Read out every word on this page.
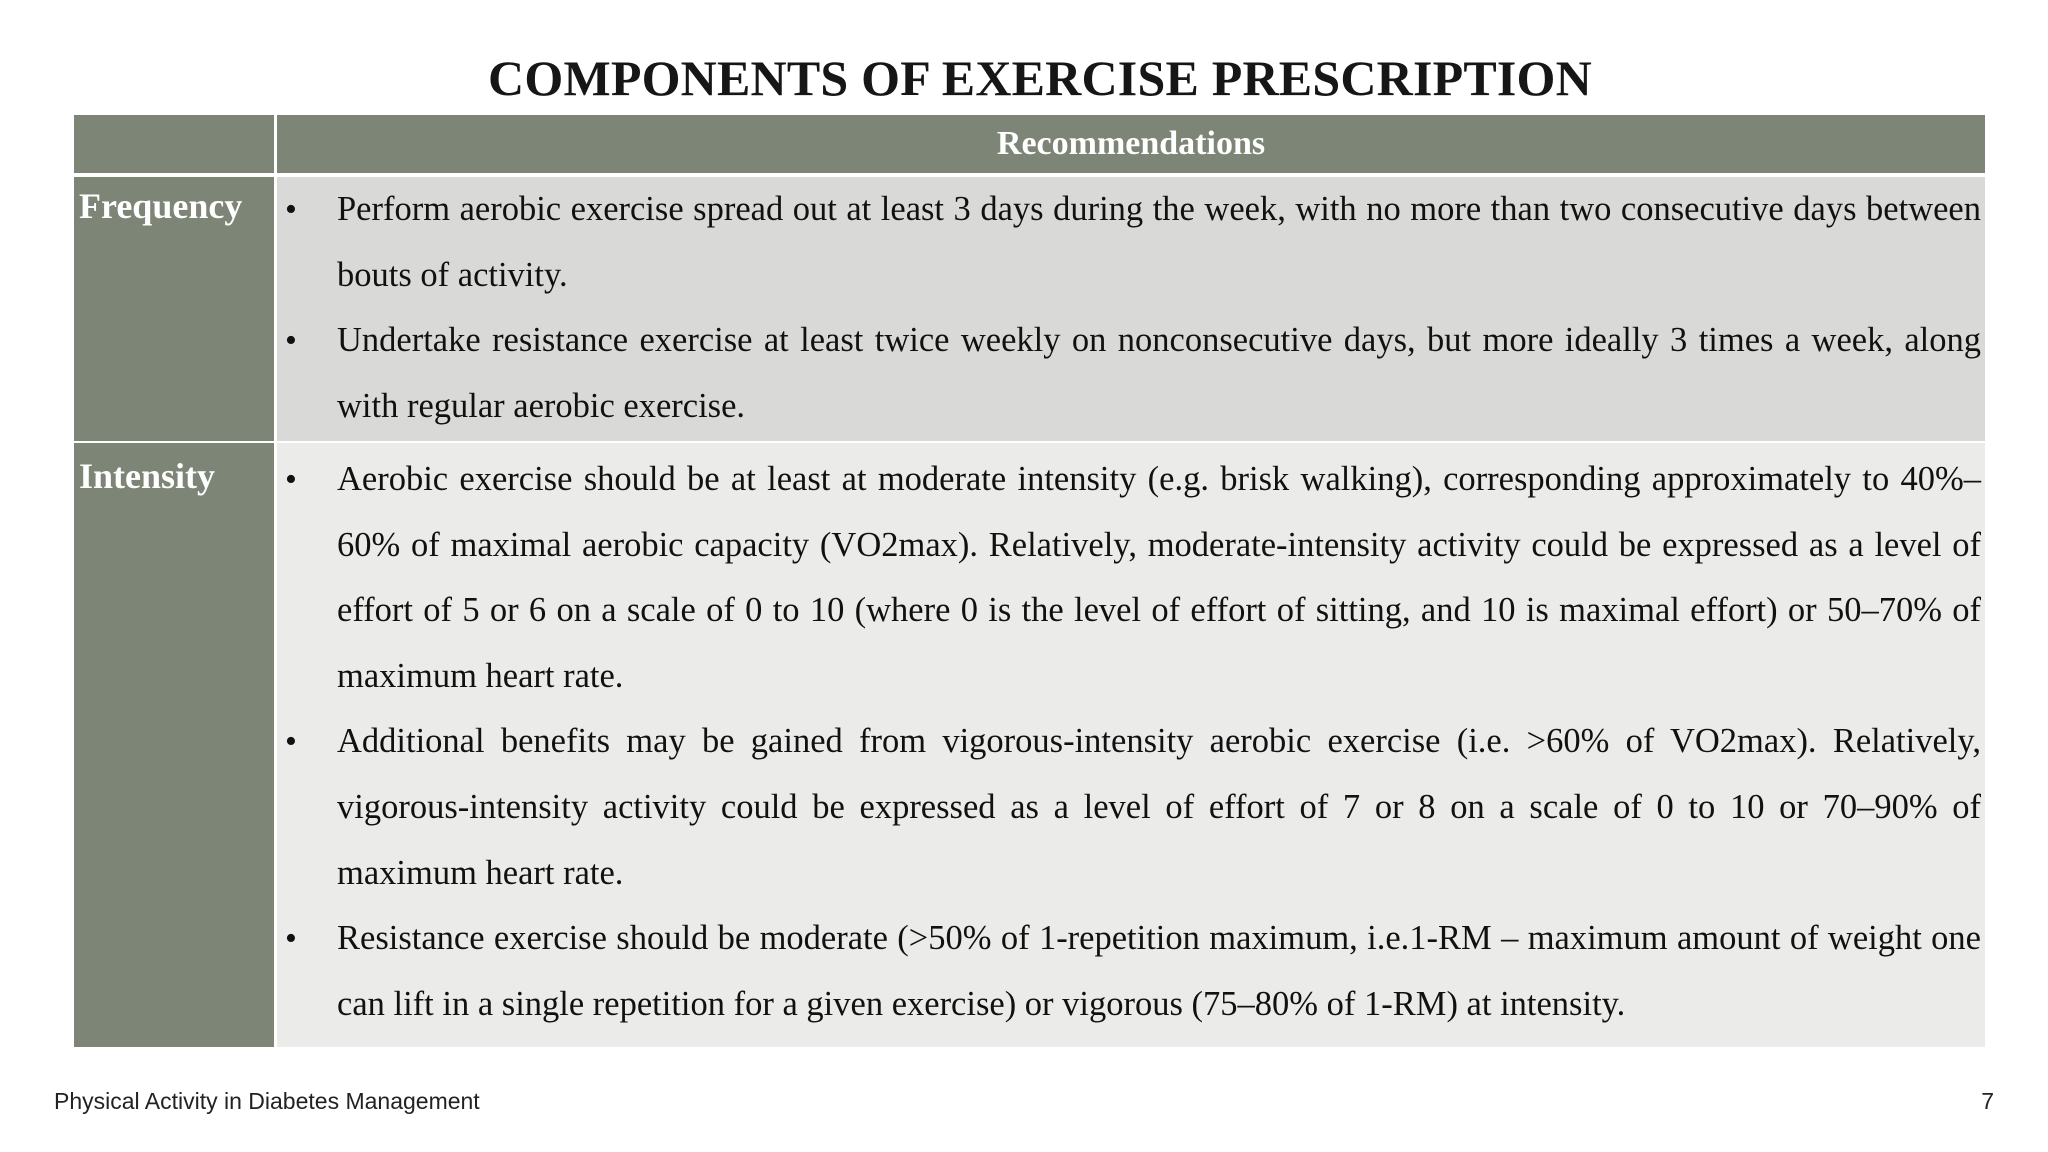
COMPONENTS OF EXERCISE PRESCRIPTION
Recommendations
Frequency	• Perform aerobic exercise spread out at least 3 days during the week, with no more than two consecutive days between bouts of activity.
• Undertake resistance exercise at least twice weekly on nonconsecutive days, but more ideally 3 times a week, along with regular aerobic exercise.
Intensity	• Aerobic exercise should be at least at moderate intensity (e.g. brisk walking), corresponding approximately to 40%–60% of maximal aerobic capacity (VO2max). Relatively, moderate-intensity activity could be expressed as a level of effort of 5 or 6 on a scale of 0 to 10 (where 0 is the level of effort of sitting, and 10 is maximal effort) or 50–70% of maximum heart rate.
• Additional benefits may be gained from vigorous-intensity aerobic exercise (i.e. >60% of VO2max). Relatively, vigorous-intensity activity could be expressed as a level of effort of 7 or 8 on a scale of 0 to 10 or 70–90% of maximum heart rate.
• Resistance exercise should be moderate (>50% of 1-repetition maximum, i.e.1-RM – maximum amount of weight one can lift in a single repetition for a given exercise) or vigorous (75–80% of 1-RM) at intensity.
Physical Activity in Diabetes Management	7
